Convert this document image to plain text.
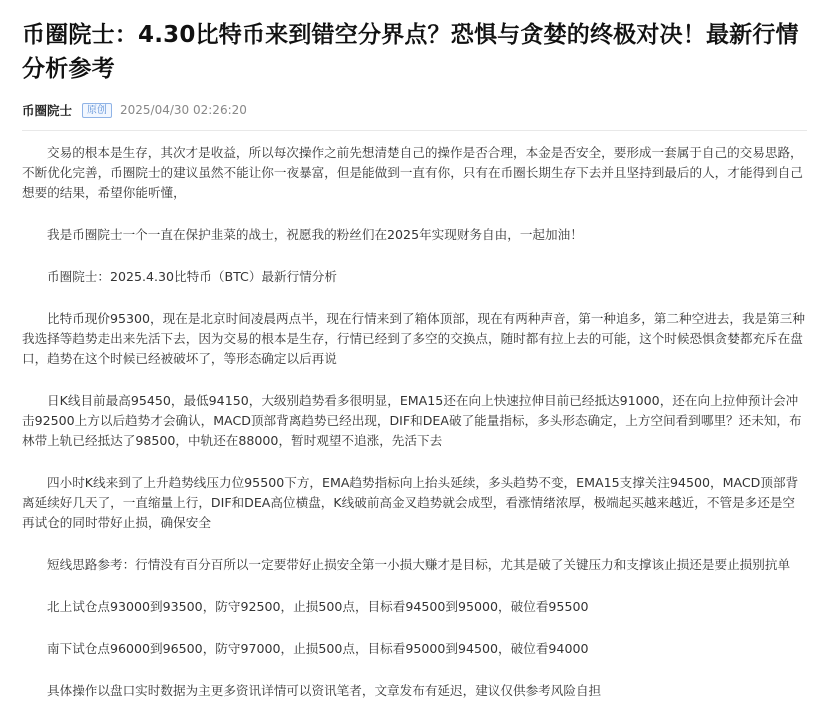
币圈院士：4.30比特币来到错空分界点？恐惧与贪婪的终极对决！最新行情分析参考
币圈院士	原创	2025/04/30 02:26:20

交易的根本是生存，其次才是收益，所以每次操作之前先想清楚自己的操作是否合理，本金是否安全，要形成一套属于自己的交易思路，不断优化完善，币圈院士的建议虽然不能让你一夜暴富，但是能做到一直有你，只有在币圈长期生存下去并且坚持到最后的人，才能得到自己想要的结果，希望你能听懂，

我是币圈院士一个一直在保护韭菜的战士，祝愿我的粉丝们在2025年实现财务自由，一起加油！

币圈院士：2025.4.30比特币（BTC）最新行情分析

比特币现价95300，现在是北京时间凌晨两点半，现在行情来到了箱体顶部，现在有两种声音，第一种追多，第二种空进去，我是第三种我选择等趋势走出来先活下去，因为交易的根本是生存，行情已经到了多空的交换点，随时都有拉上去的可能，这个时候恐惧贪婪都充斥在盘口，趋势在这个时候已经被破坏了，等形态确定以后再说

日K线目前最高95450，最低94150，大级别趋势看多很明显，EMA15还在向上快速拉伸目前已经抵达91000，还在向上拉伸预计会冲击92500上方以后趋势才会确认，MACD顶部背离趋势已经出现，DIF和DEA破了能量指标，多头形态确定，上方空间看到哪里？还未知，布林带上轨已经抵达了98500，中轨还在88000，暂时观望不追涨，先活下去

四小时K线来到了上升趋势线压力位95500下方，EMA趋势指标向上抬头延续，多头趋势不变，EMA15支撑关注94500，MACD顶部背离延续好几天了，一直缩量上行，DIF和DEA高位横盘，K线破前高金叉趋势就会成型，看涨情绪浓厚，极端起买越来越近，不管是多还是空再试仓的同时带好止损，确保安全

短线思路参考：行情没有百分百所以一定要带好止损安全第一小损大赚才是目标，尤其是破了关键压力和支撑该止损还是要止损别抗单

北上试仓点93000到93500，防守92500，止损500点，目标看94500到95000，破位看95500

南下试仓点96000到96500，防守97000，止损500点，目标看95000到94500，破位看94000

具体操作以盘口实时数据为主更多资讯详情可以资讯笔者，文章发布有延迟，建议仅供参考风险自担
